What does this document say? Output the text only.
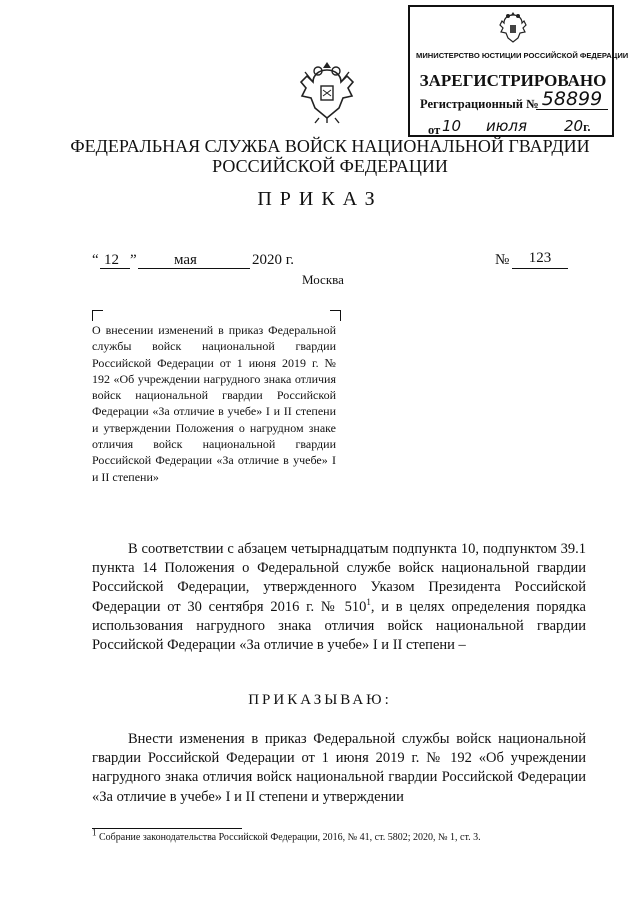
МИНИСТЕРСТВО ЮСТИЦИИ РОССИЙСКОЙ ФЕДЕРАЦИИ
ЗАРЕГИСТРИРОВАНО
Регистрационный № 58899
от 10 июля 20г.
ФЕДЕРАЛЬНАЯ СЛУЖБА ВОЙСК НАЦИОНАЛЬНОЙ ГВАРДИИ
РОССИЙСКОЙ ФЕДЕРАЦИИ
ПРИКАЗ
“ 12 ” мая	2020 г.	№	123
Москва
О внесении изменений в приказ Федеральной службы войск национальной гвардии Российской Федерации от 1 июня 2019 г. № 192 «Об учреждении нагрудного знака отличия войск национальной гвардии Российской Федерации «За отличие в учебе» I и II степени и утверждении Положения о нагрудном знаке отличия войск национальной гвардии Российской Федерации «За отличие в учебе» I и II степени»
В соответствии с абзацем четырнадцатым подпункта 10, подпунктом 39.1 пункта 14 Положения о Федеральной службе войск национальной гвардии Российской Федерации, утвержденного Указом Президента Российской Федерации от 30 сентября 2016 г. № $510^1$, и в целях определения порядка использования нагрудного знака отличия войск национальной гвардии Российской Федерации «За отличие в учебе» I и II степени –
ПРИКАЗЫВАЮ:
Внести изменения в приказ Федеральной службы войск национальной гвардии Российской Федерации от 1 июня 2019 г. № 192 «Об учреждении нагрудного знака отличия войск национальной гвардии Российской Федерации «За отличие в учебе» I и II степени и утверждении
$^1$ Собрание законодательства Российской Федерации, 2016, № 41, ст. 5802; 2020, № 1, ст. 3.
